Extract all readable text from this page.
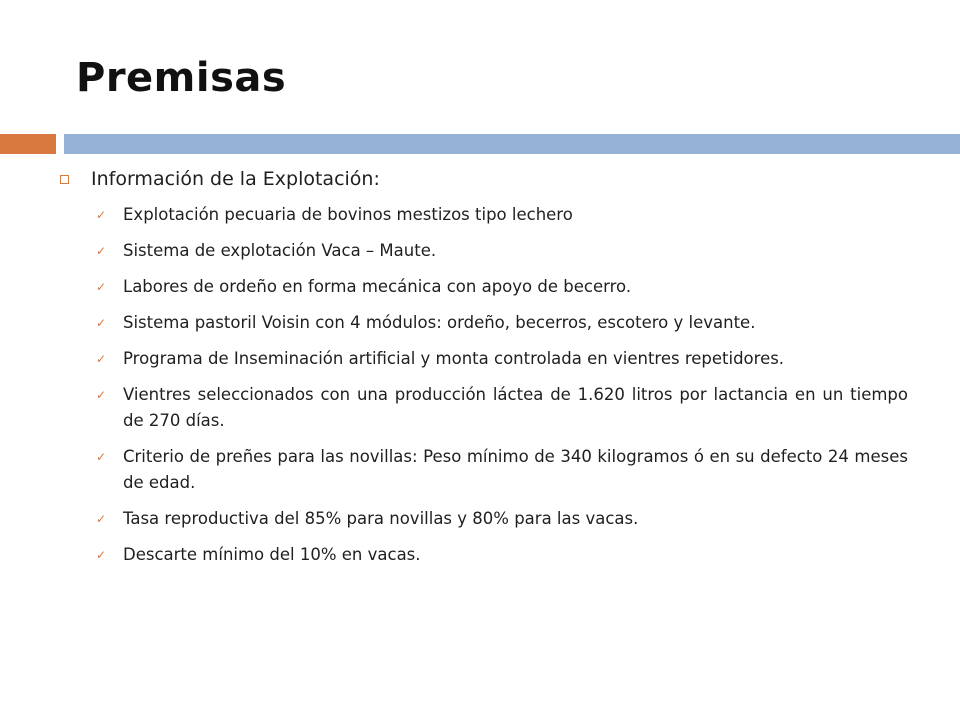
Premisas
Información de la Explotación:
✓	Explotación pecuaria de bovinos mestizos tipo lechero
✓	Sistema de explotación Vaca – Maute.
✓	Labores de ordeño en forma mecánica con apoyo de becerro.
✓	Sistema pastoril Voisin con 4 módulos: ordeño, becerros, escotero y levante.
✓	Programa de Inseminación artificial y monta controlada en vientres repetidores.
✓	Vientres seleccionados con una producción láctea de 1.620 litros por lactancia en un tiempo de 270 días.
✓	Criterio de preñes para las novillas: Peso mínimo de 340 kilogramos ó en su defecto 24 meses de edad.
✓	Tasa reproductiva del 85% para novillas y 80% para las vacas.
✓	Descarte mínimo del 10% en vacas.
